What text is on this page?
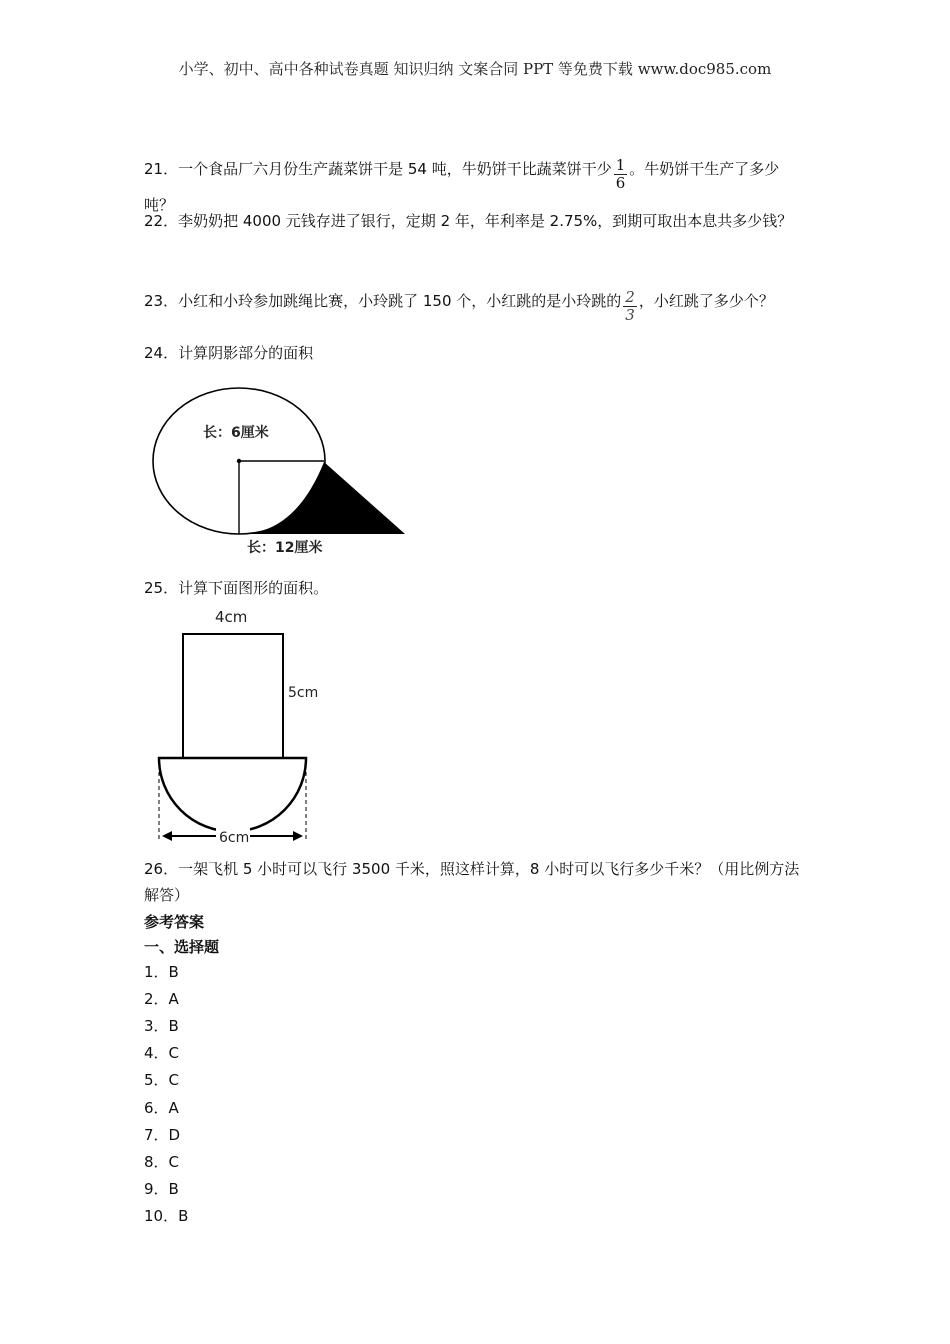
小学、初中、高中各种试卷真题 知识归纳 文案合同 PPT 等免费下载 www.doc985.com
21．一个食品厂六月份生产蔬菜饼干是 54 吨，牛奶饼干比蔬菜饼干少 $\frac{1}{6}$ 。牛奶饼干生产了多少吨？
22．李奶奶把 4000 元钱存进了银行，定期 2 年，年利率是 2.75%，到期可取出本息共多少钱？
23．小红和小玲参加跳绳比赛，小玲跳了 150 个，小红跳的是小玲跳的 $\frac{2}{3}$ ，小红跳了多少个？
24．计算阴影部分的面积
长：6厘米
长：12厘米
25．计算下面图形的面积。
6cm
4cm
5cm
26．一架飞机 5 小时可以飞行 3500 千米，照这样计算，8 小时可以飞行多少千米？（用比例方法解答）
参考答案
一、选择题
1．B
2．A
3．B
4．C
5．C
6．A
7．D
8．C
9．B
10．B
